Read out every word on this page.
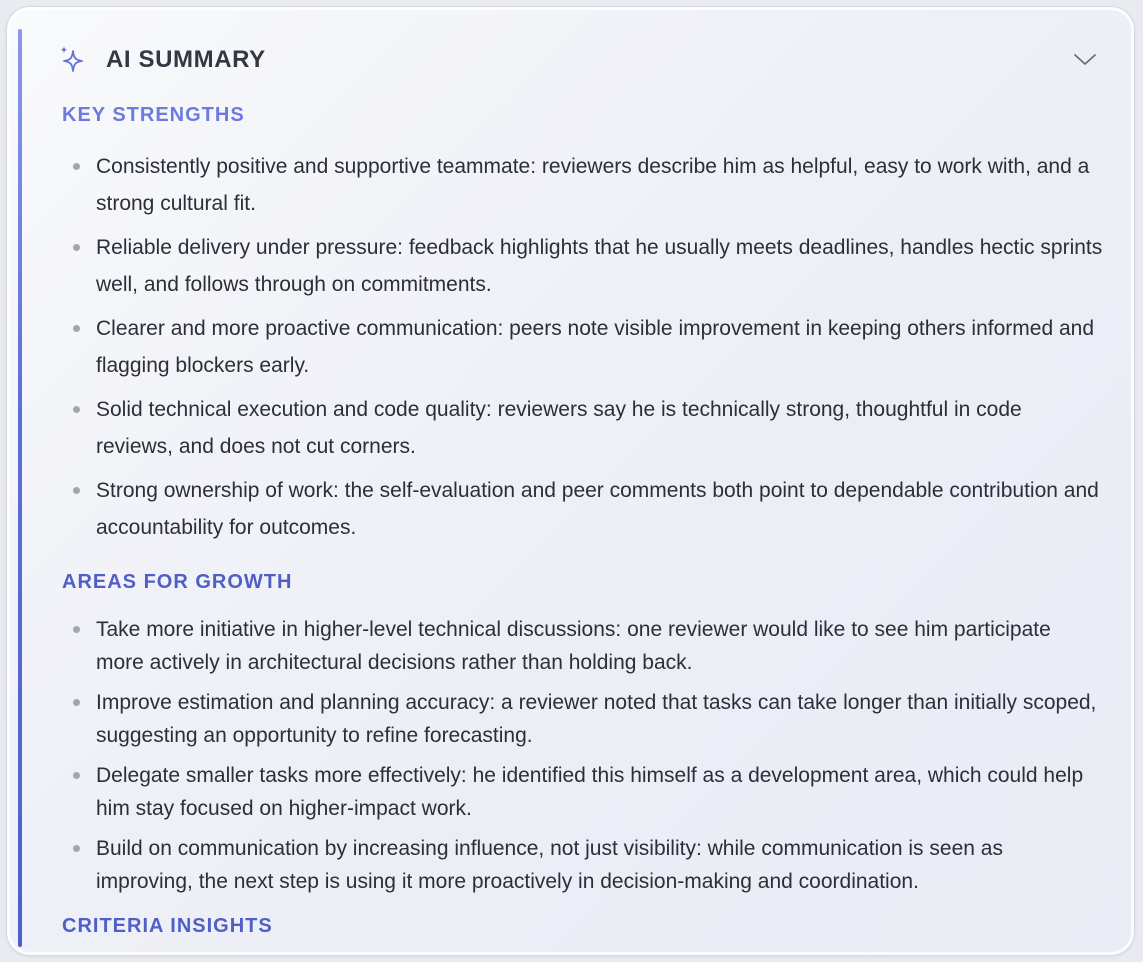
AI SUMMARY
KEY STRENGTHS
Consistently positive and supportive teammate: reviewers describe him as helpful, easy to work with, and a strong cultural fit.
Reliable delivery under pressure: feedback highlights that he usually meets deadlines, handles hectic sprints well, and follows through on commitments.
Clearer and more proactive communication: peers note visible improvement in keeping others informed and flagging blockers early.
Solid technical execution and code quality: reviewers say he is technically strong, thoughtful in code reviews, and does not cut corners.
Strong ownership of work: the self-evaluation and peer comments both point to dependable contribution and accountability for outcomes.
AREAS FOR GROWTH
Take more initiative in higher-level technical discussions: one reviewer would like to see him participate more actively in architectural decisions rather than holding back.
Improve estimation and planning accuracy: a reviewer noted that tasks can take longer than initially scoped, suggesting an opportunity to refine forecasting.
Delegate smaller tasks more effectively: he identified this himself as a development area, which could help him stay focused on higher-impact work.
Build on communication by increasing influence, not just visibility: while communication is seen as improving, the next step is using it more proactively in decision-making and coordination.
CRITERIA INSIGHTS
